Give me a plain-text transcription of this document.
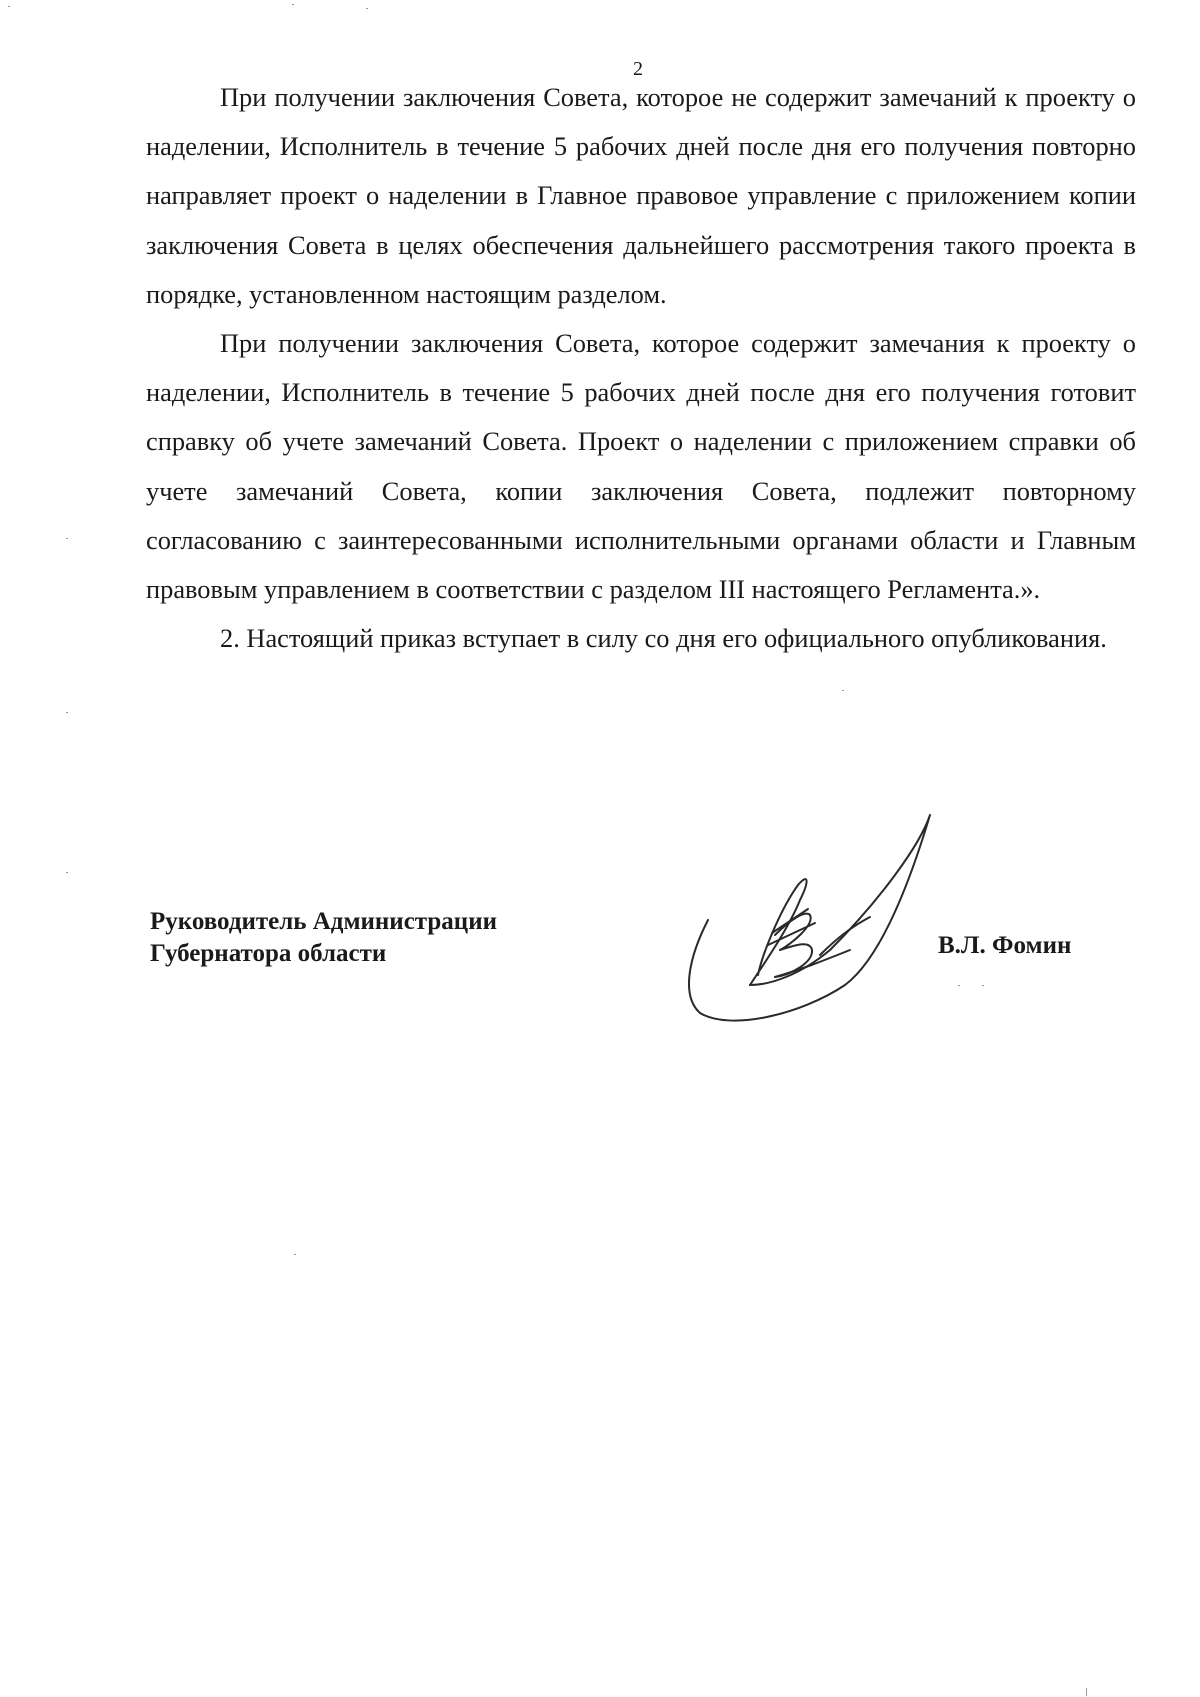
2

При получении заключения Совета, которое не содержит замечаний к проекту о наделении, Исполнитель в течение 5 рабочих дней после дня его получения повторно направляет проект о наделении в Главное правовое управление с приложением копии заключения Совета в целях обеспечения дальнейшего рассмотрения такого проекта в порядке, установленном настоящим разделом.

При получении заключения Совета, которое содержит замечания к проекту о наделении, Исполнитель в течение 5 рабочих дней после дня его получения готовит справку об учете замечаний Совета. Проект о наделении с приложением справки об учете замечаний Совета, копии заключения Совета, подлежит повторному согласованию с заинтересованными исполнительными органами области и Главным правовым управлением в соответствии с разделом III настоящего Регламента.».

2. Настоящий приказ вступает в силу со дня его официального опубликования.

Руководитель Администрации
Губернатора области	В.Л. Фомин
